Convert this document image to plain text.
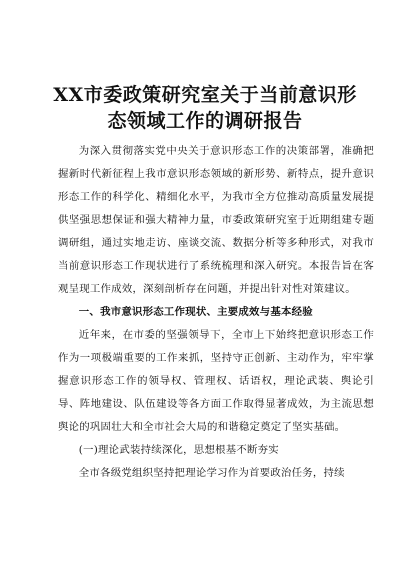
XX市委政策研究室关于当前意识形
态领域工作的调研报告

为深入贯彻落实党中央关于意识形态工作的决策部署，准确把握新时代新征程上我市意识形态领域的新形势、新特点，提升意识形态工作的科学化、精细化水平，为我市全方位推动高质量发展提供坚强思想保证和强大精神力量，市委政策研究室于近期组建专题调研组，通过实地走访、座谈交流、数据分析等多种形式，对我市当前意识形态工作现状进行了系统梳理和深入研究。本报告旨在客观呈现工作成效，深刻剖析存在问题，并提出针对性对策建议。

一、我市意识形态工作现状、主要成效与基本经验

近年来，在市委的坚强领导下，全市上下始终把意识形态工作作为一项极端重要的工作来抓，坚持守正创新、主动作为，牢牢掌握意识形态工作的领导权、管理权、话语权，理论武装、舆论引导、阵地建设、队伍建设等各方面工作取得显著成效，为主流思想舆论的巩固壮大和全市社会大局的和谐稳定奠定了坚实基础。

(一)理论武装持续深化，思想根基不断夯实

全市各级党组织坚持把理论学习作为首要政治任务，持续
